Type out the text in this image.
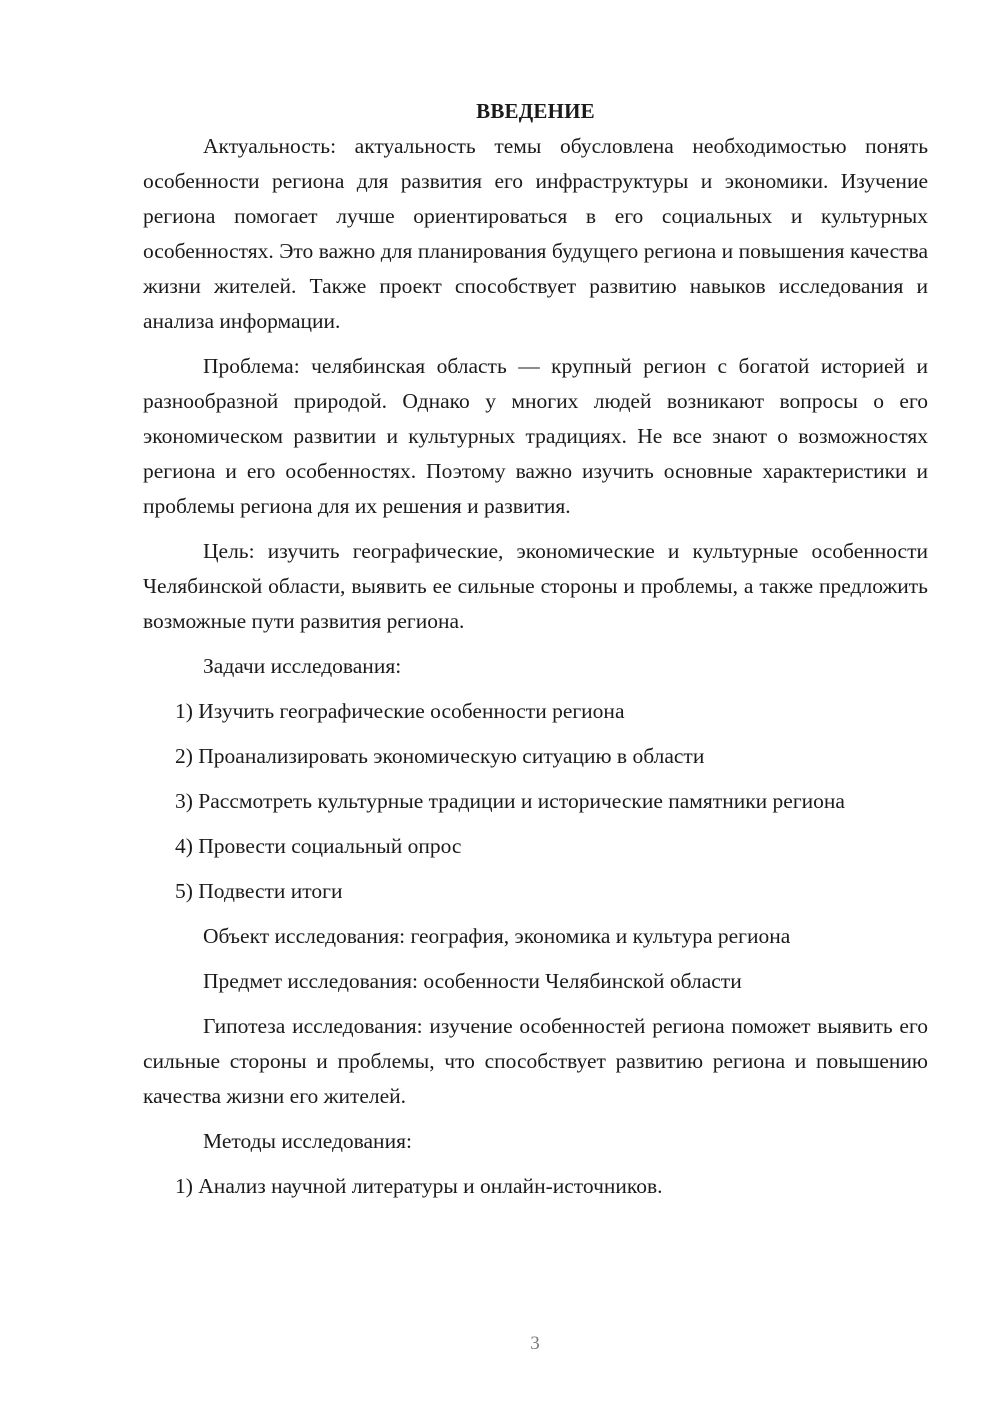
ВВЕДЕНИЕ

Актуальность: актуальность темы обусловлена необходимостью понять особенности региона для развития его инфраструктуры и экономики. Изучение региона помогает лучше ориентироваться в его социальных и культурных особенностях. Это важно для планирования будущего региона и повышения качества жизни жителей. Также проект способствует развитию навыков исследования и анализа информации.

Проблема: челябинская область — крупный регион с богатой историей и разнообразной природой. Однако у многих людей возникают вопросы о его экономическом развитии и культурных традициях. Не все знают о возможностях региона и его особенностях. Поэтому важно изучить основные характеристики и проблемы региона для их решения и развития.

Цель: изучить географические, экономические и культурные особенности Челябинской области, выявить ее сильные стороны и проблемы, а также предложить возможные пути развития региона.

Задачи исследования:
1) Изучить географические особенности региона
2) Проанализировать экономическую ситуацию в области
3) Рассмотреть культурные традиции и исторические памятники региона
4) Провести социальный опрос
5) Подвести итоги
Объект исследования: география, экономика и культура региона
Предмет исследования: особенности Челябинской области

Гипотеза исследования: изучение особенностей региона поможет выявить его сильные стороны и проблемы, что способствует развитию региона и повышению качества жизни его жителей.

Методы исследования:
1) Анализ научной литературы и онлайн-источников.
3
